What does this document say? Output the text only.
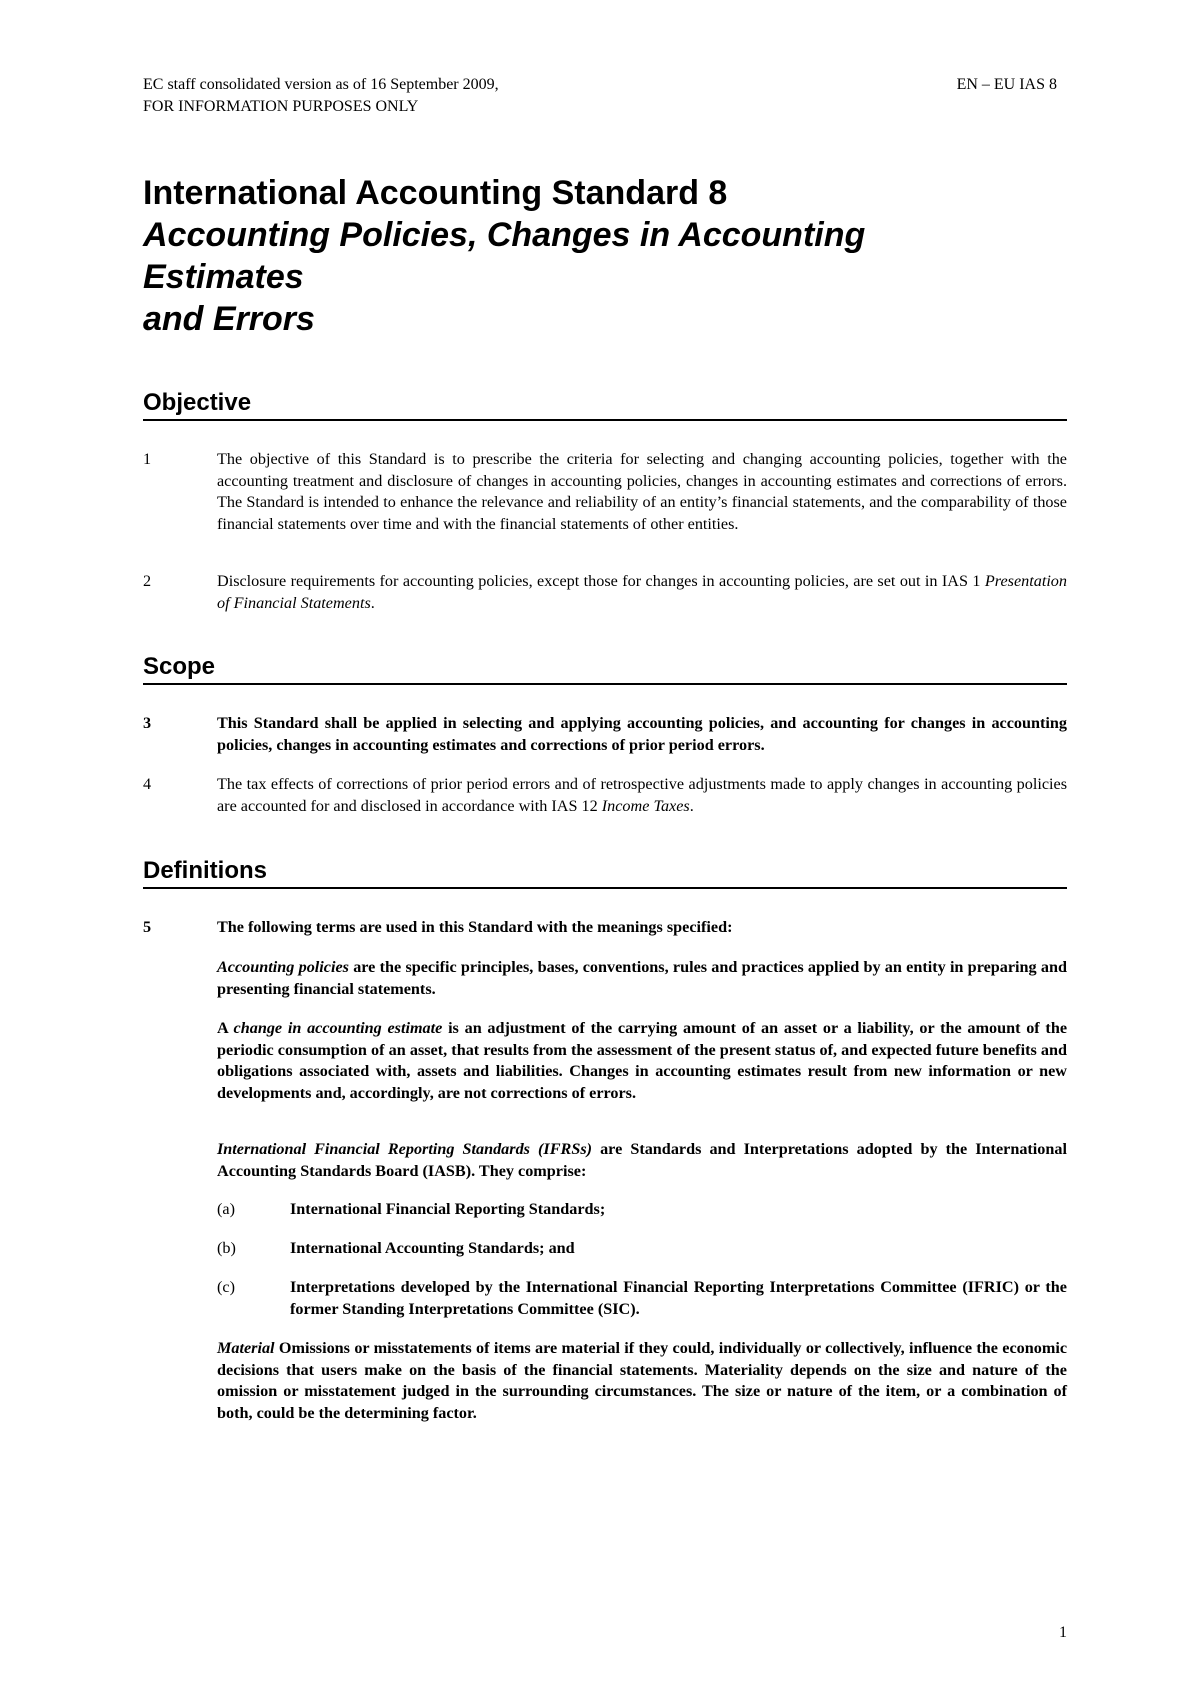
EC staff consolidated version as of 16 September 2009,
FOR INFORMATION PURPOSES ONLY
EN – EU IAS 8
International Accounting Standard 8
Accounting Policies, Changes in Accounting
Estimates
and Errors
Objective
1	The objective of this Standard is to prescribe the criteria for selecting and changing accounting policies, together with the accounting treatment and disclosure of changes in accounting policies, changes in accounting estimates and corrections of errors. The Standard is intended to enhance the relevance and reliability of an entity’s financial statements, and the comparability of those financial statements over time and with the financial statements of other entities.
2	Disclosure requirements for accounting policies, except those for changes in accounting policies, are set out in IAS 1 Presentation of Financial Statements.
Scope
3	This Standard shall be applied in selecting and applying accounting policies, and accounting for changes in accounting policies, changes in accounting estimates and corrections of prior period errors.
4	The tax effects of corrections of prior period errors and of retrospective adjustments made to apply changes in accounting policies are accounted for and disclosed in accordance with IAS 12 Income Taxes.
Definitions
5	The following terms are used in this Standard with the meanings specified:
Accounting policies are the specific principles, bases, conventions, rules and practices applied by an entity in preparing and presenting financial statements.
A change in accounting estimate is an adjustment of the carrying amount of an asset or a liability, or the amount of the periodic consumption of an asset, that results from the assessment of the present status of, and expected future benefits and obligations associated with, assets and liabilities. Changes in accounting estimates result from new information or new developments and, accordingly, are not corrections of errors.
International Financial Reporting Standards (IFRSs) are Standards and Interpretations adopted by the International Accounting Standards Board (IASB). They comprise:
(a)	International Financial Reporting Standards;
(b)	International Accounting Standards; and
(c)	Interpretations developed by the International Financial Reporting Interpretations Committee (IFRIC) or the former Standing Interpretations Committee (SIC).
Material Omissions or misstatements of items are material if they could, individually or collectively, influence the economic decisions that users make on the basis of the financial statements. Materiality depends on the size and nature of the omission or misstatement judged in the surrounding circumstances. The size or nature of the item, or a combination of both, could be the determining factor.
1
